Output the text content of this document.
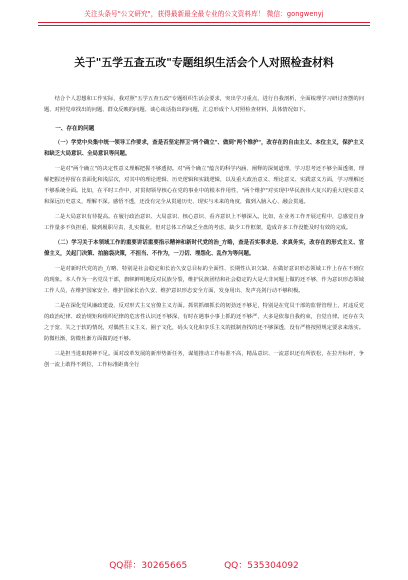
关注头条号"公文研究"，获得最新最全最专业的公文资料库！ 微信：gongwenyj
关于"五学五查五改"专题组织生活会个人对照检查材料

结合个人思想和工作实际，我对照"五学五查五改"专题组织生活会要求，突出学习重点，进行自我剖析，全面梳理学习研讨查摆的问题、对照党章找出的问题、群众反映的问题、谈心谈话指出的问题，汇总形成个人对照检查材料，具体情况如下。

一、存在的问题

（一）学党中央集中统一领导工作要求，查是否坚定捍卫"两个确立"、做到"两个维护"，改存在的自由主义、本位主义，保护主义和缺乏大局意识、全局意识等问题。

一是对"两个确立"的决定性意义理解把握不够透彻。对"两个确立"蕴含的科学内涵、阐释的深刻道理，学习思考还不够全面透彻，理解把握还停留在表面化和浅层次，对其中的理论逻辑、历史逻辑和实践逻辑，以及重大政治意义、理论意义、实践意义方面，学习理解还不够系统全面。比如，在平时工作中，对贯彻领导核心在党的事业中的根本作用性，"两个维护"对实现中华民族伟大复兴的重大现实意义和深远历史意义，理解不深。感悟不透，还没有完全从贯通历史、现实与未来的角度，做到入脑入心、融会贯通。

二是大局意识有待提高。在履行政治意识、大局意识、核心意识、看齐意识上不够深入。比如，在业务工作开展过程中，总感觉自身工作量多不负担重，做到履职尽责，扎实做业，但对总体工作缺乏全盘的考虑，缺少工作框架，造成许多工作没能及时有效的完成。

（二）学习关于本领域工作的重要讲话重要指示精神和新时代党的治_方略，查是否实事求是、求真务实，改存在的形式主义、官僚主义，关起门决策、拍脑袋决策，不担当、不作为，一刀切、埋怨化、乱作为等问题。

一是对新时代党的治_方略、特别是社会稳定和长治久安总目标的全面性、长期性认识欠缺、在做好意识形态领域工作上存在不到位的现象。本人作为一名党员干部，旗帜鲜明地反对民族分裂，维护民族团结和社会稳定的大是大非问题上做的还不够，作为意识形态领域工作人员，在维护国家安全、维护国家长治久安、维护意识形态安全方面，发身用出、发声亮剑行动不够积极。

二是在深化党风廉政建设、反对形式主义官僚主义方面。抓常抓细抓长的韧劲还不够足，特别是在党员干部的监督管理上，对违反党的政治纪律、政治规矩和组织纪律的危害性认识还不够深，有时在遇事小事上抓的还不够严，大多是依靠自我约束，自觉自律。还存在失之于宽、失之于软的情况，对偶然主义主义、圈子文化，码头文化和享乐主义的抵制查找的还不够深透，没有严格按照规定要求来落实。防微杜渐，防微杜渐方面做的还不够。

三是担当进取精神不足。面对改革发展的新形势新任务，谋划推动工作标准不高，精品意识、一流意识还有所放松，在拉升标杆，争创一流上敢得不到位，工作标准距离全行

QQ群：30265665	QQ：535304092
